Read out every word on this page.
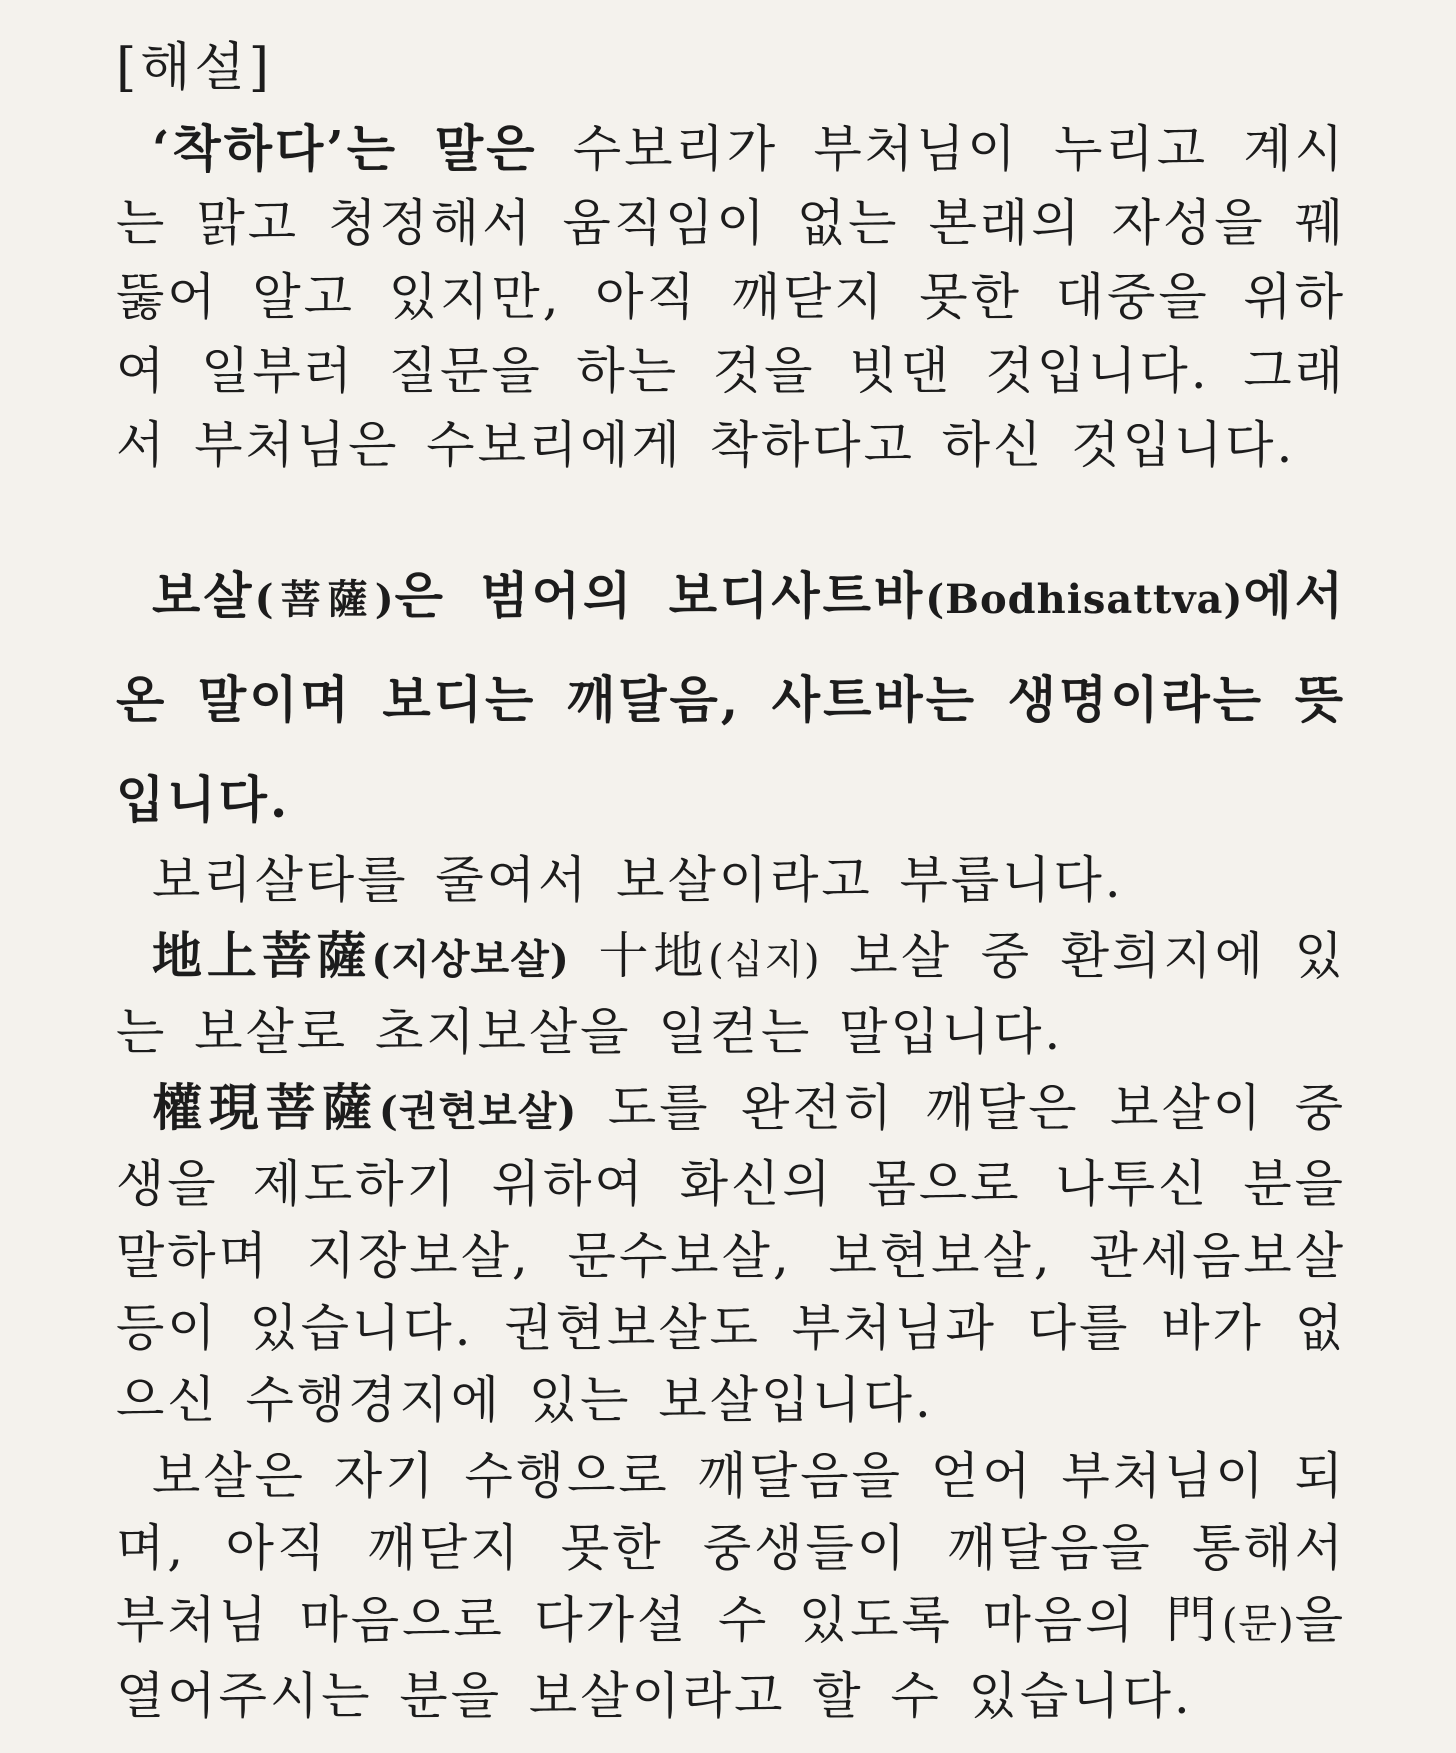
[해설]

‘착하다’는 말은 수보리가 부처님이 누리고 계시는 맑고 청정해서 움직임이 없는 본래의 자성을 꿰뚫어 알고 있지만, 아직 깨닫지 못한 대중을 위하여 일부러 질문을 하는 것을 빗댄 것입니다. 그래서 부처님은 수보리에게 착하다고 하신 것입니다.

보살(菩薩)은 범어의 보디사트바(Bodhisattva)에서 온 말이며 보디는 깨달음, 사트바는 생명이라는 뜻입니다.

보리살타를 줄여서 보살이라고 부릅니다.

地上菩薩(지상보살) 十地(십지) 보살 중 환희지에 있는 보살로 초지보살을 일컫는 말입니다.

權現菩薩(권현보살) 도를 완전히 깨달은 보살이 중생을 제도하기 위하여 화신의 몸으로 나투신 분을 말하며 지장보살, 문수보살, 보현보살, 관세음보살 등이 있습니다. 권현보살도 부처님과 다를 바가 없으신 수행경지에 있는 보살입니다.

보살은 자기 수행으로 깨달음을 얻어 부처님이 되며, 아직 깨닫지 못한 중생들이 깨달음을 통해서 부처님 마음으로 다가설 수 있도록 마음의 門(문)을 열어주시는 분을 보살이라고 할 수 있습니다.
